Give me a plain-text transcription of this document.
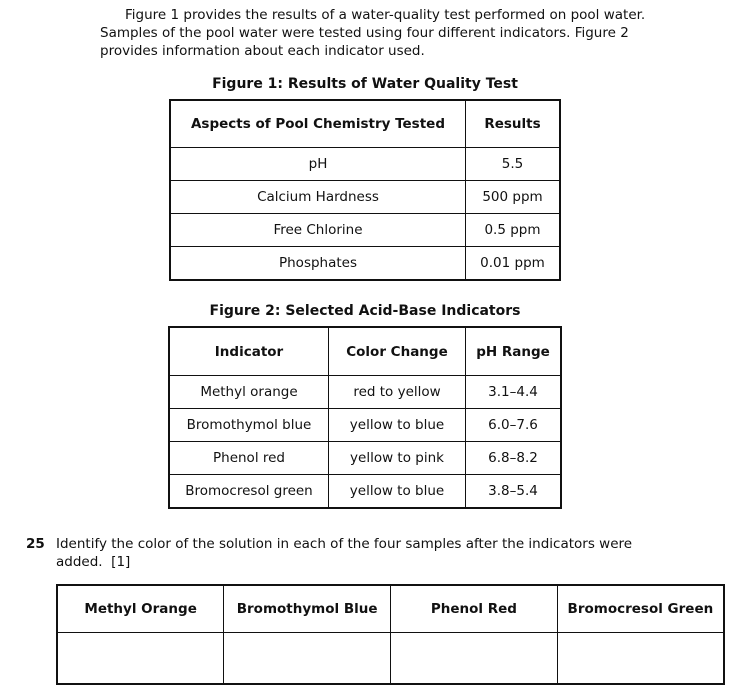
Figure 1 provides the results of a water-quality test performed on pool water. Samples of the pool water were tested using four different indicators. Figure 2 provides information about each indicator used.

Figure 1: Results of Water Quality Test
Aspects of Pool Chemistry Tested	Results
pH	5.5
Calcium Hardness	500 ppm
Free Chlorine	0.5 ppm
Phosphates	0.01 ppm
Figure 2: Selected Acid-Base Indicators
Indicator	Color Change	pH Range
Methyl orange	red to yellow	3.1–4.4
Bromothymol blue	yellow to blue	6.0–7.6
Phenol red	yellow to pink	6.8–8.2
Bromocresol green	yellow to blue	3.8–5.4
25 Identify the color of the solution in each of the four samples after the indicators were added. [1]
Methyl Orange	Bromothymol Blue	Phenol Red	Bromocresol Green
